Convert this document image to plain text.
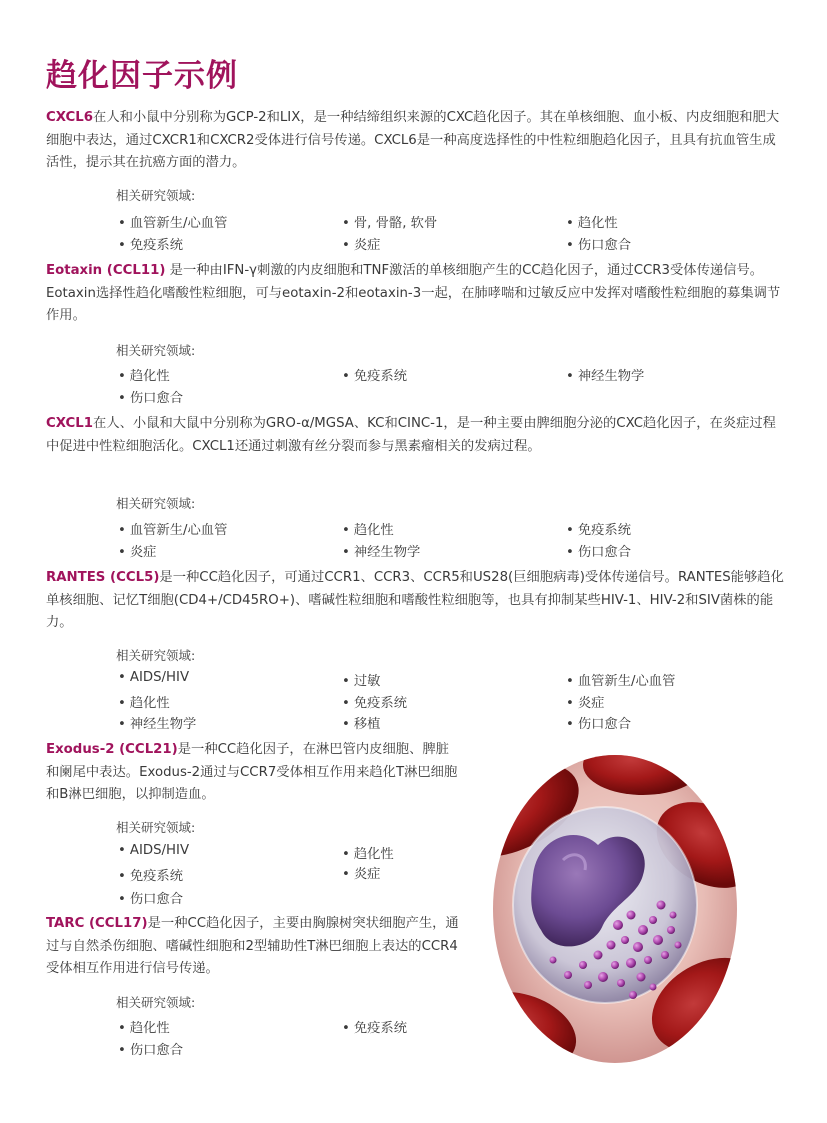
趋化因子示例

CXCL6在人和小鼠中分别称为GCP-2和LIX，是一种结缔组织来源的CXC趋化因子。其在单核细胞、血小板、内皮细胞和肥大细胞中表达，通过CXCR1和CXCR2受体进行信号传递。CXCL6是一种高度选择性的中性粒细胞趋化因子，且具有抗血管生成活性，提示其在抗癌方面的潜力。

相关研究领域:
• 血管新生/心血管	• 骨, 骨骼, 软骨	• 趋化性
• 免疫系统	• 炎症	• 伤口愈合

Eotaxin (CCL11) 是一种由IFN-γ刺激的内皮细胞和TNF激活的单核细胞产生的CC趋化因子，通过CCR3受体传递信号。Eotaxin选择性趋化嗜酸性粒细胞，可与eotaxin-2和eotaxin-3一起，在肺哮喘和过敏反应中发挥对嗜酸性粒细胞的募集调节作用。

相关研究领域:
• 趋化性	• 免疫系统	• 神经生物学
• 伤口愈合

CXCL1在人、小鼠和大鼠中分别称为GRO-α/MGSA、KC和CINC-1，是一种主要由脾细胞分泌的CXC趋化因子，在炎症过程中促进中性粒细胞活化。CXCL1还通过刺激有丝分裂而参与黑素瘤相关的发病过程。

相关研究领域:
• 血管新生/心血管	• 趋化性	• 免疫系统
• 炎症	• 神经生物学	• 伤口愈合

RANTES (CCL5)是一种CC趋化因子，可通过CCR1、CCR3、CCR5和US28(巨细胞病毒)受体传递信号。RANTES能够趋化单核细胞、记忆T细胞(CD4+/CD45RO+)、嗜碱性粒细胞和嗜酸性粒细胞等，也具有抑制某些HIV-1、HIV-2和SIV菌株的能力。

相关研究领域:
• AIDS/HIV	• 过敏	• 血管新生/心血管
• 趋化性	• 免疫系统	• 炎症
• 神经生物学	• 移植	• 伤口愈合

Exodus-2 (CCL21)是一种CC趋化因子，在淋巴管内皮细胞、脾脏和阑尾中表达。Exodus-2通过与CCR7受体相互作用来趋化T淋巴细胞和B淋巴细胞，以抑制造血。

相关研究领域:
• AIDS/HIV	• 趋化性
• 免疫系统	• 炎症
• 伤口愈合

TARC (CCL17)是一种CC趋化因子，主要由胸腺树突状细胞产生，通过与自然杀伤细胞、嗜碱性细胞和2型辅助性T淋巴细胞上表达的CCR4受体相互作用进行信号传递。

相关研究领域:
• 趋化性	• 免疫系统
• 伤口愈合
